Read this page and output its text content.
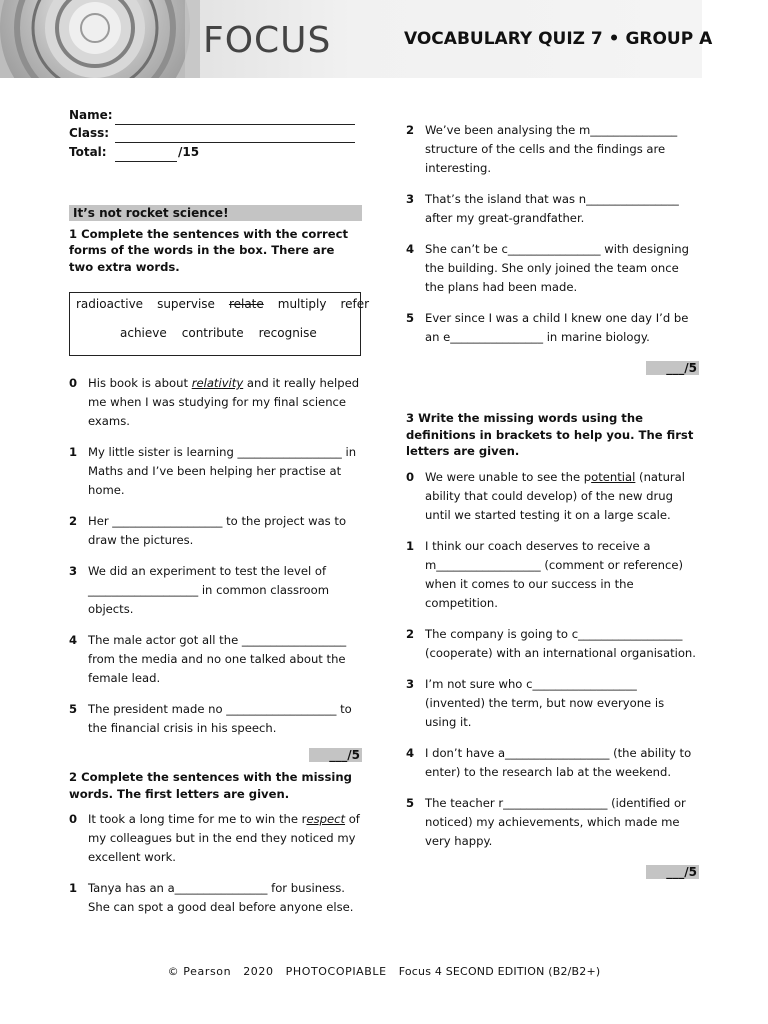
FOCUS	VOCABULARY QUIZ 7 • GROUP A
Name:
Class:
Total:	/15
It’s not rocket science!
1 Complete the sentences with the correct forms of the words in the box. There are two extra words.
radioactive supervise relate multiply refer
achieve contribute recognise
0 His book is about relativity and it really helped me when I was studying for my final science exams.
1 My little sister is learning __________________ in Maths and I’ve been helping her practise at home.
2 Her ___________________ to the project was to draw the pictures.
3 We did an experiment to test the level of ___________________ in common classroom objects.
4 The male actor got all the __________________ from the media and no one talked about the female lead.
5 The president made no ___________________ to the financial crisis in his speech.
___/5
2 Complete the sentences with the missing words. The first letters are given.
0 It took a long time for me to win the respect of my colleagues but in the end they noticed my excellent work.
1 Tanya has an a________________ for business. She can spot a good deal before anyone else.
2 We’ve been analysing the m_______________ structure of the cells and the findings are interesting.
3 That’s the island that was n________________ after my great-grandfather.
4 She can’t be c________________ with designing the building. She only joined the team once the plans had been made.
5 Ever since I was a child I knew one day I’d be an e________________ in marine biology.
___/5
3 Write the missing words using the definitions in brackets to help you. The first letters are given.
0 We were unable to see the potential (natural ability that could develop) of the new drug until we started testing it on a large scale.
1 I think our coach deserves to receive a m__________________ (comment or reference) when it comes to our success in the competition.
2 The company is going to c__________________ (cooperate) with an international organisation.
3 I’m not sure who c__________________ (invented) the term, but now everyone is using it.
4 I don’t have a__________________ (the ability to enter) to the research lab at the weekend.
5 The teacher r__________________ (identified or noticed) my achievements, which made me very happy.
___/5
© Pearson 2020 PHOTOCOPIABLE Focus 4 SECOND EDITION (B2/B2+)
